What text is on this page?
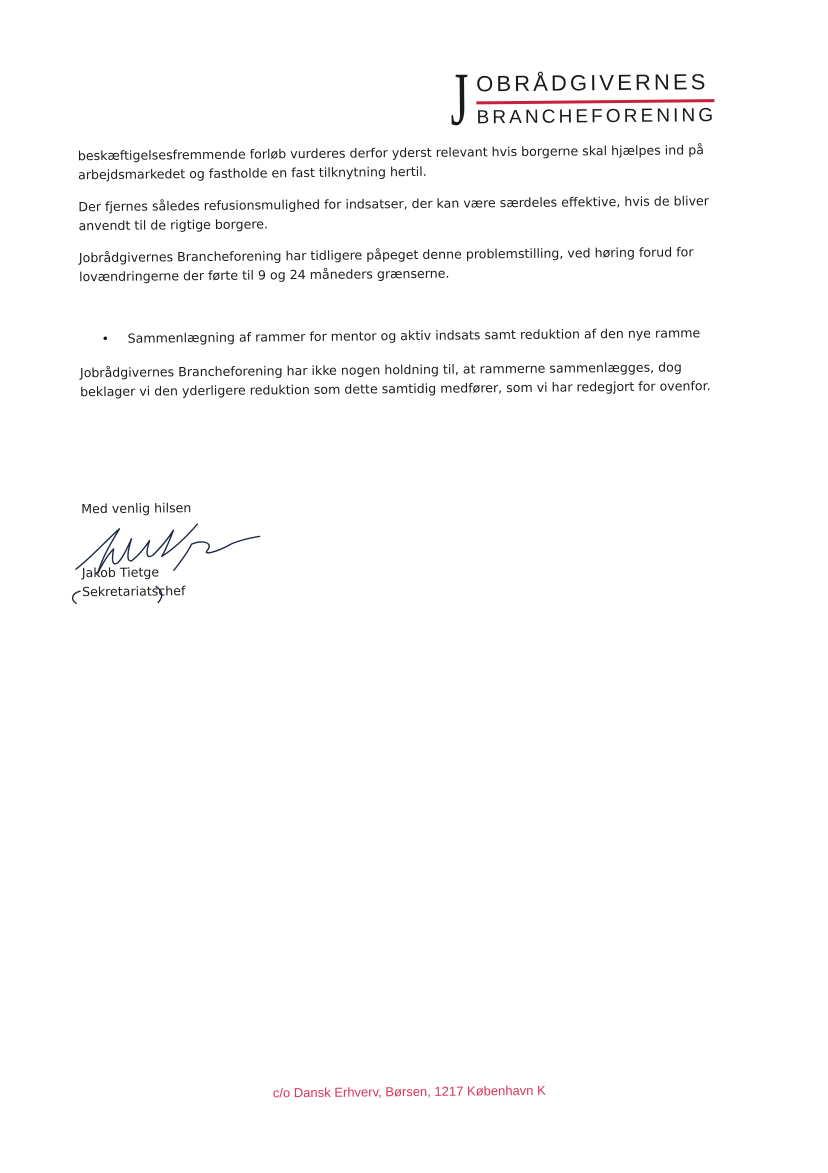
J OBRÅDGIVERNES
BRANCHEFORENING

beskæftigelsesfremmende forløb vurderes derfor yderst relevant hvis borgerne skal hjælpes ind på arbejdsmarkedet og fastholde en fast tilknytning hertil.

Der fjernes således refusionsmulighed for indsatser, der kan være særdeles effektive, hvis de bliver anvendt til de rigtige borgere.

Jobrådgivernes Brancheforening har tidligere påpeget denne problemstilling, ved høring forud for lovændringerne der førte til 9 og 24 måneders grænserne.

• Sammenlægning af rammer for mentor og aktiv indsats samt reduktion af den nye ramme

Jobrådgivernes Brancheforening har ikke nogen holdning til, at rammerne sammenlægges, dog beklager vi den yderligere reduktion som dette samtidig medfører, som vi har redegjort for ovenfor.

Med venlig hilsen
Jakob Tietge
Sekretariatschef
c/o Dansk Erhverv, Børsen, 1217 København K
